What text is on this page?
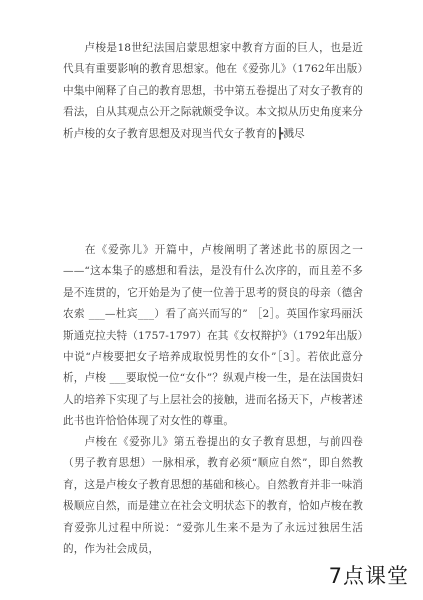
卢梭是18世纪法国启蒙思想家中教育方面的巨人，也是近代具有重要影响的教育思想家。他在《爱弥儿》（1762年出版）中集中阐释了自己的教育思想，书中第五卷提出了对女子教育的看法，自从其观点公开之际就颇受争议。本文拟从历史角度来分析卢梭的女子教育思想及对现当代女子教育的┣溅尽

在《爱弥儿》开篇中，卢梭阐明了著述此书的原因之一——“这本集子的感想和看法，是没有什么次序的，而且差不多是不连贯的，它开始是为了使一位善于思考的贤良的母亲（德舍农索 ___—杜宾___）看了高兴而写的” ［2］。英国作家玛丽沃斯通克拉夫特（1757-1797）在其《女权辩护》（1792年出版）中说“卢梭要把女子培养成取悦男性的女仆”［3］。若依此意分析，卢梭 ___要取悦一位“女仆”？纵观卢梭一生，是在法国贵妇人的培养下实现了与上层社会的接触，进而名扬天下，卢梭著述此书也许恰恰体现了对女性的尊重。

卢梭在《爱弥儿》第五卷提出的女子教育思想，与前四卷（男子教育思想）一脉相承，教育必须“顺应自然”，即自然教育，这是卢梭女子教育思想的基础和核心。自然教育并非一味消极顺应自然，而是建立在社会文明状态下的教育，恰如卢梭在教育爱弥儿过程中所说：“爱弥儿生来不是为了永远过独居生活的，作为社会成员，

7点课堂
